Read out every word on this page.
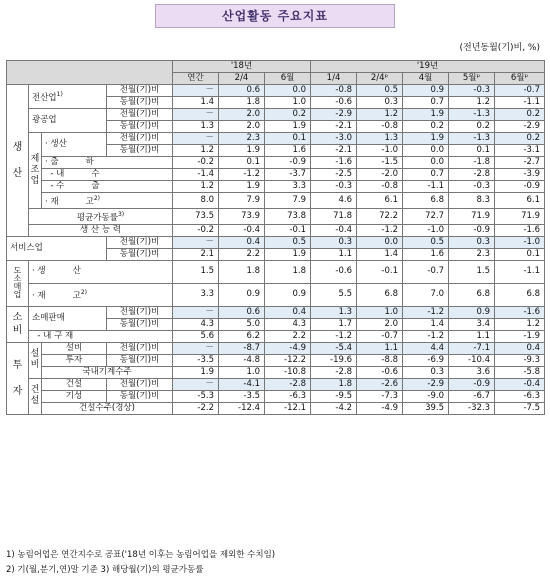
산업활동 주요지표
(전년동월(기)비, %)
				'18년			'19년				
				연간	2/4	6월	1/4	2/4ᵖ	4월	5월ᵖ	6월ᵖ
생

산	전산업$^{1)}$		전월(기)비	－	0.6	0.0	-0.8	0.5	0.9	-0.3	-0.7
			동월(기)비	1.4	1.8	1.0	-0.6	0.3	0.7	1.2	-1.1
	광공업		전월(기)비	－	2.0	0.2	-2.9	1.2	1.9	-1.3	0.2
			동월(기)비	1.3	2.0	1.9	-2.1	-0.8	0.2	0.2	-2.9
	제
조
업	· 생산	전월(기)비	－	2.3	0.1	-3.0	1.3	1.9	-1.3	0.2
			동월(기)비	1.2	1.9	1.6	-2.1	-1.0	0.0	0.1	-3.1
		· 출          하		-0.2	0.1	-0.9	-1.6	-1.5	0.0	-1.8	-2.7
		- 내          수		-1.4	-1.2	-3.7	-2.5	-2.0	0.7	-2.8	-3.9
		- 수          출		1.2	1.9	3.3	-0.3	-0.8	-1.1	-0.3	-0.9
		· 재          고$^{2)}$		8.0	7.9	7.9	4.6	6.1	6.8	8.3	6.1
	평균가동률$^{3)}$			73.5	73.9	73.8	71.8	72.2	72.7	71.9	71.9
	생 산 능 력			-0.2	-0.4	-0.1	-0.4	-1.2	-1.0	-0.9	-1.6
서비스업			전월(기)비	－	0.4	0.5	0.3	0.0	0.5	0.3	-1.0
			동월(기)비	2.1	2.2	1.9	1.1	1.4	1.6	2.3	0.1
도
소
매
업	· 생          산			1.5	1.8	1.8	-0.6	-0.1	-0.7	1.5	-1.1
	· 재          고$^{2)}$			3.3	0.9	0.9	5.5	6.8	7.0	6.8	6.8
소
비	소매판매		전월(기)비	－	0.6	0.4	1.3	1.0	-1.2	0.9	-1.6
			동월(기)비	4.3	5.0	4.3	1.7	2.0	1.4	3.4	1.2
	- 내 구 재			5.6	6.2	2.2	-1.2	-0.7	-1.2	1.1	-1.9
투

자	설
비	설비	전월(기)비	－	-8.7	-4.9	-5.4	1.1	4.4	-7.1	0.4
		투자	동월(기)비	-3.5	-4.8	-12.2	-19.6	-8.8	-6.9	-10.4	-9.3
		국내기계수주		1.9	1.0	-10.8	-2.8	-0.6	0.3	3.6	-5.8
	건
설	건설	전월(기)비	－	-4.1	-2.8	1.8	-2.6	-2.9	-0.9	-0.4
		기성	동월(기)비	-5.3	-3.5	-6.3	-9.5	-7.3	-9.0	-6.7	-6.3
		건설수주(경상)		-2.2	-12.4	-12.1	-4.2	-4.9	39.5	-32.3	-7.5
1) 농림어업은 연간지수로 공표('18년 이후는 농림어업을 제외한 수치임)
2) 기(월,분기,연)말 기준 3) 해당월(기)의 평균가동률
